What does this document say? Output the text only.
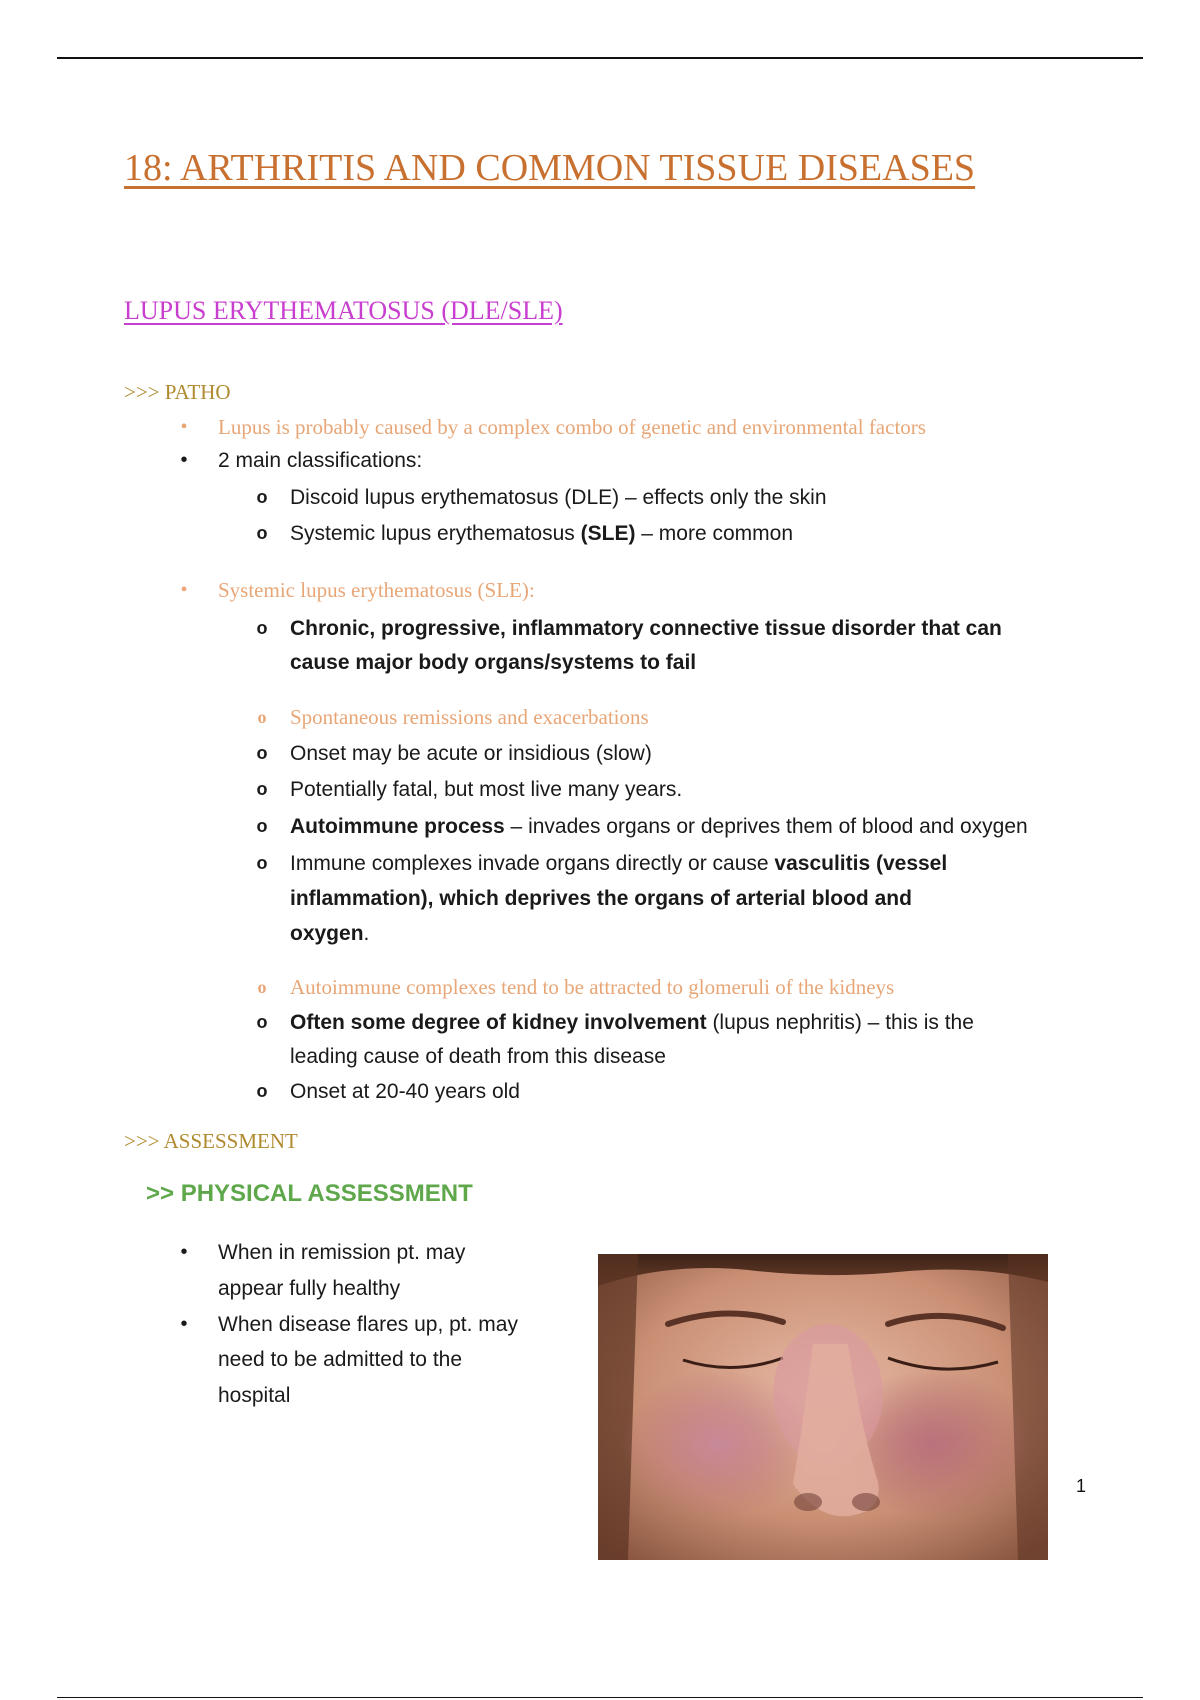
18: ARTHRITIS AND COMMON TISSUE DISEASES
LUPUS ERYTHEMATOSUS (DLE/SLE)
>>> PATHO
•	Lupus is probably caused by a complex combo of genetic and environmental factors
•	2 main classifications:
o Discoid lupus erythematosus (DLE) – effects only the skin
o Systemic lupus erythematosus (SLE) – more common
•	Systemic lupus erythematosus (SLE):
o Chronic, progressive, inflammatory connective tissue disorder that can
cause major body organs/systems to fail
o Spontaneous remissions and exacerbations
o Onset may be acute or insidious (slow)
o Potentially fatal, but most live many years.
o Autoimmune process – invades organs or deprives them of blood and oxygen
o Immune complexes invade organs directly or cause vasculitis (vessel
inflammation), which deprives the organs of arterial blood and
oxygen.
o Autoimmune complexes tend to be attracted to glomeruli of the kidneys
o Often some degree of kidney involvement (lupus nephritis) – this is the
leading cause of death from this disease
o Onset at 20-40 years old
>>> ASSESSMENT
>> PHYSICAL ASSESSMENT
•	When in remission pt. may
appear fully healthy
•	When disease flares up, pt. may
need to be admitted to the
hospital
1
